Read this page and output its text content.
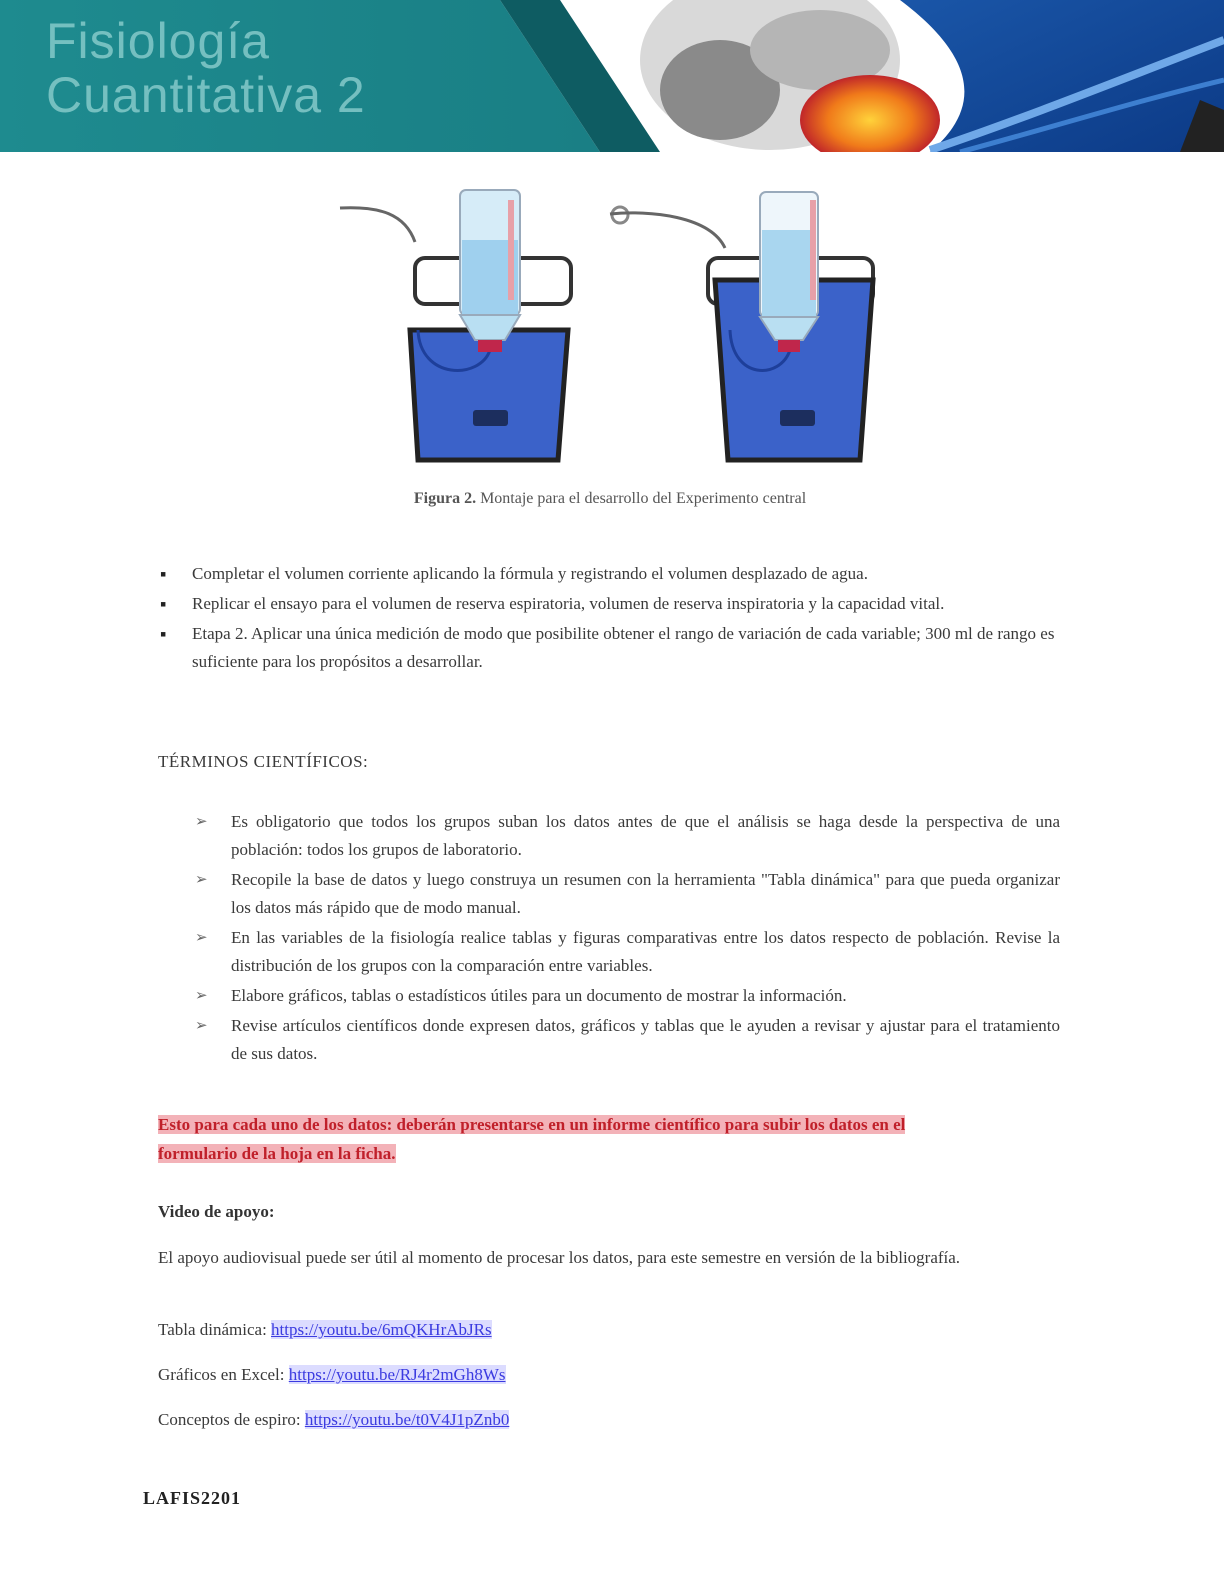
Fisiología
Cuantitativa 2
Figura 2. Montaje para el desarrollo del Experimento central
▪ Completar el volumen corriente aplicando la fórmula y registrando el volumen desplazado de agua.
▪ Replicar el ensayo para el volumen de reserva espiratoria, volumen de reserva inspiratoria y la capacidad vital.
▪ Etapa 2. Aplicar una única medición de modo que posibilite obtener el rango de variación de cada variable; 300 ml de rango es suficiente para los propósitos a desarrollar.
TÉRMINOS CIENTÍFICOS:
➢ Es obligatorio que todos los grupos suban los datos antes de que el análisis se haga desde la perspectiva de una población: todos los grupos de laboratorio.
➢ Recopile la base de datos y luego construya un resumen con la herramienta "Tabla dinámica" para que pueda organizar los datos más rápido que de modo manual.
➢ En las variables de la fisiología realice tablas y figuras comparativas entre los datos respecto de población. Revise la distribución de los grupos con la comparación entre variables.
➢ Elabore gráficos, tablas o estadísticos útiles para un documento de mostrar la información.
➢ Revise artículos científicos donde expresen datos, gráficos y tablas que le ayuden a revisar y ajustar para el tratamiento de sus datos.
Esto para cada uno de los datos: deberán presentarse en un informe científico para subir los datos en el
formulario de la hoja en la ficha.
Video de apoyo:
El apoyo audiovisual puede ser útil al momento de procesar los datos, para este semestre en versión de la bibliografía.
Tabla dinámica: https://youtu.be/6mQKHrAbJRs
Gráficos en Excel: https://youtu.be/RJ4r2mGh8Ws
Conceptos de espiro: https://youtu.be/t0V4J1pZnb0
LAFIS2201
